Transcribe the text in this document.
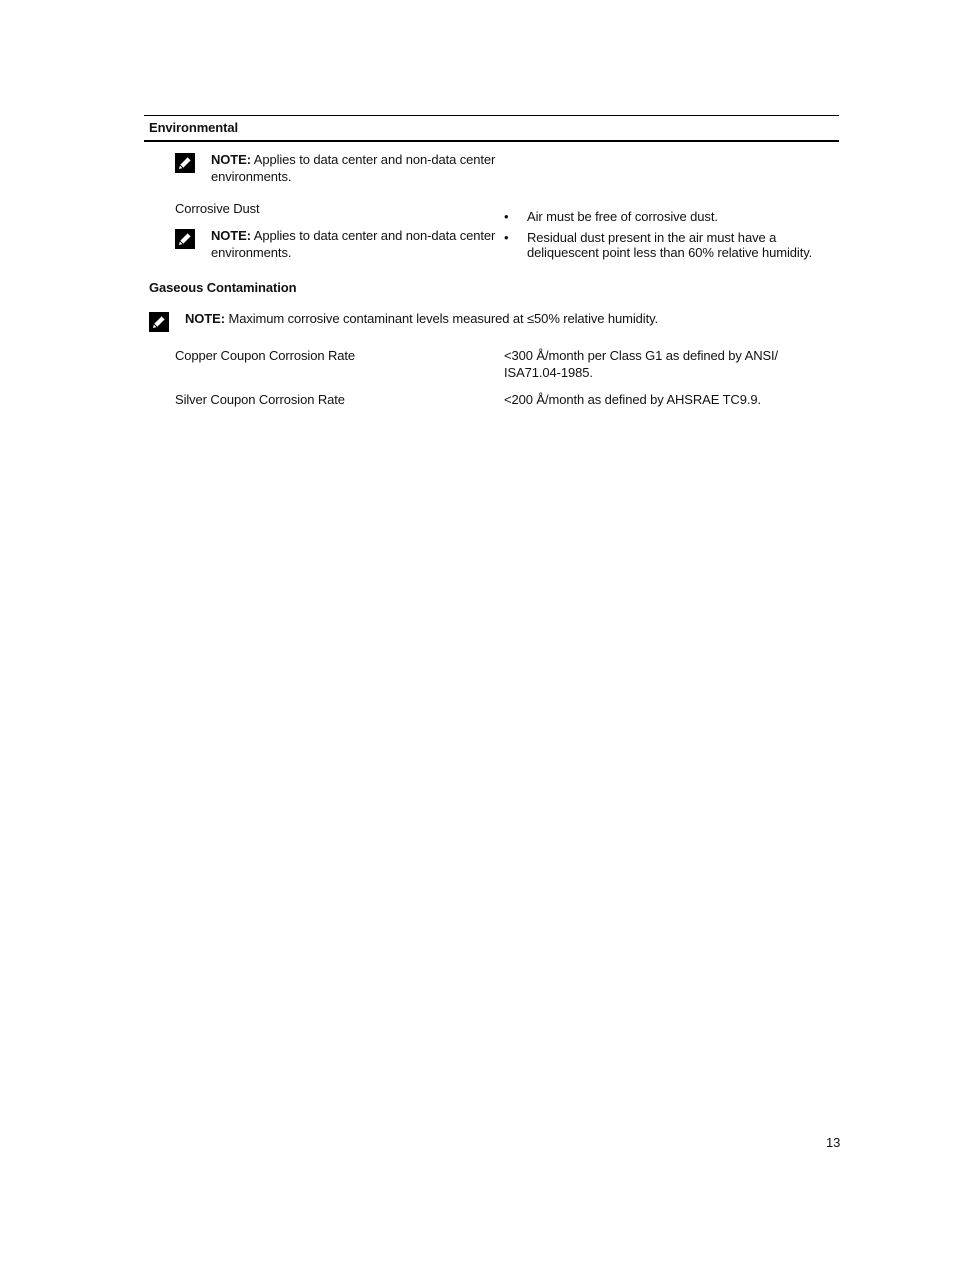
Environmental
NOTE: Applies to data center and non-data center
environments.
Corrosive Dust
NOTE: Applies to data center and non-data center
environments.
• Air must be free of corrosive dust.
• Residual dust present in the air must have a
deliquescent point less than 60% relative humidity.
Gaseous Contamination
NOTE: Maximum corrosive contaminant levels measured at ≤50% relative humidity.
Copper Coupon Corrosion Rate	<300 Å/month per Class G1 as defined by ANSI/
ISA71.04-1985.
Silver Coupon Corrosion Rate	<200 Å/month as defined by AHSRAE TC9.9.
13
